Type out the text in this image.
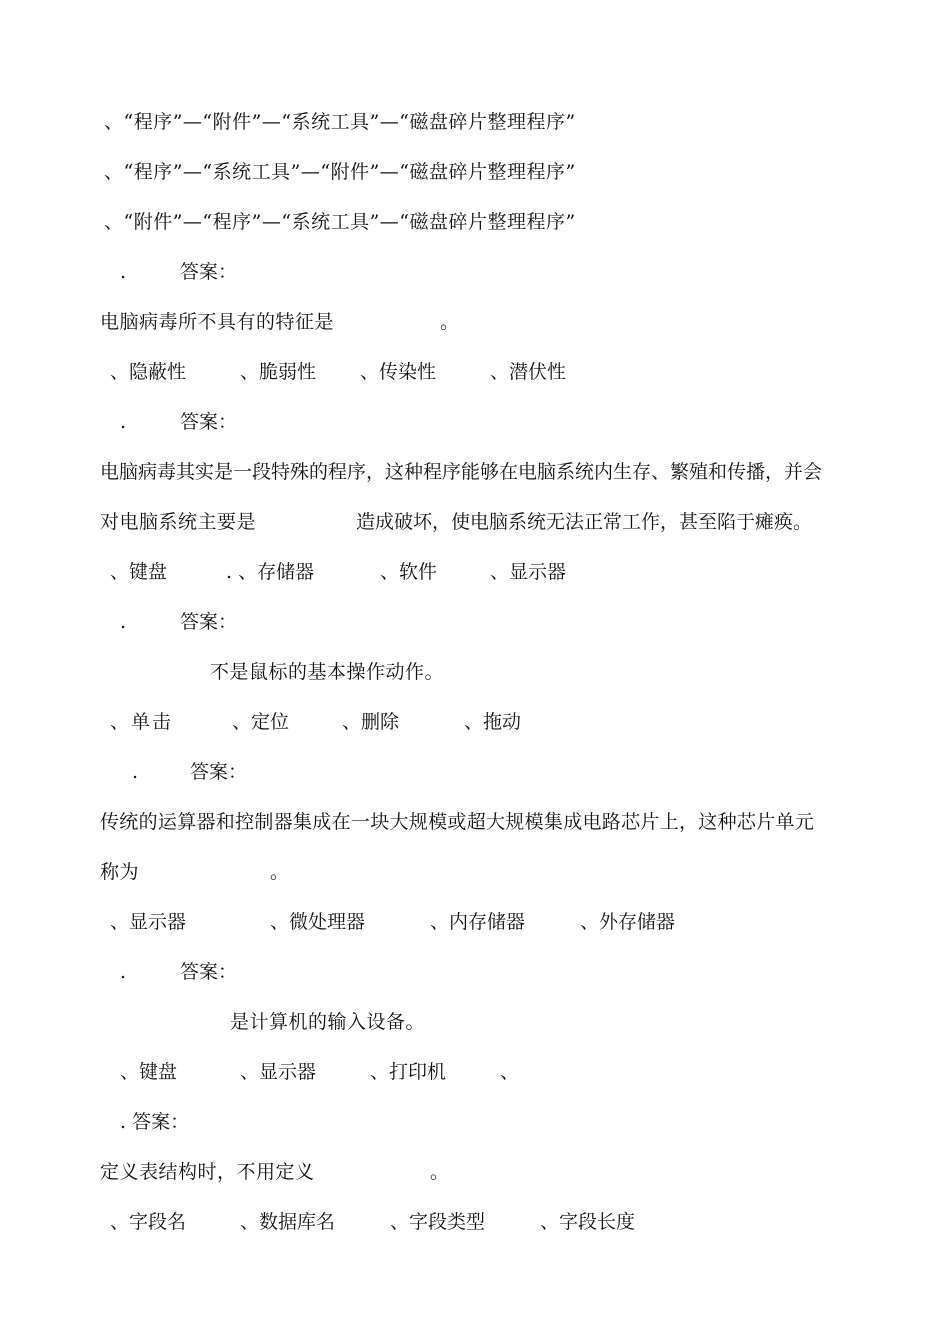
、“程序”—“附件”—“系统工具”—“磁盘碎片整理程序”
、“程序”—“系统工具”—“附件”—“磁盘碎片整理程序”
、“附件”—“程序”—“系统工具”—“磁盘碎片整理程序”
.	答案：
电脑病毒所不具有的特征是	。
、隐蔽性	、脆弱性 、传染性	、潜伏性
.	答案：
电脑病毒其实是一段特殊的程序，这种程序能够在电脑系统内生存、繁殖和传播，并会
对电脑系统主要是	造成破坏，使电脑系统无法正常工作，甚至陷于瘫痪。
、键盘	. 、存储器	、软件	、显示器
.	答案：
不是鼠标的基本操作动作。
、单击	、定位	、删除	、拖动
.	答案：
传统的运算器和控制器集成在一块大规模或超大规模集成电路芯片上，这种芯片单元
称为	。
、显示器	、微处理器	、内存储器	、外存储器
.	答案：
是计算机的输入设备。
、键盘	、显示器	、打印机	、
. 答案：
定义表结构时，不用定义	。
、字段名	、数据库名	、字段类型	、字段长度
